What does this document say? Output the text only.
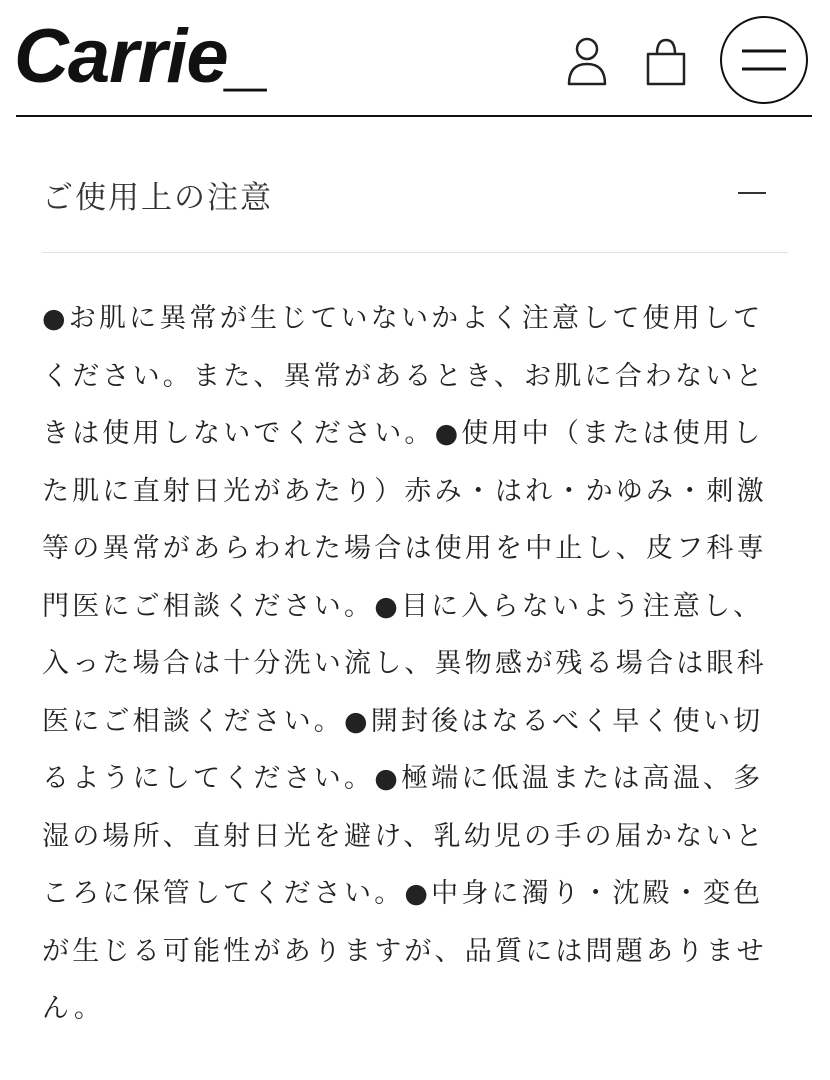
Carrie_
ご使用上の注意
●お肌に異常が生じていないかよく注意して使用してください。また、異常があるとき、お肌に合わないときは使用しないでください。●使用中（または使用した肌に直射日光があたり）赤み・はれ・かゆみ・刺激等の異常があらわれた場合は使用を中止し、皮フ科専門医にご相談ください。●目に入らないよう注意し、入った場合は十分洗い流し、異物感が残る場合は眼科医にご相談ください。●開封後はなるべく早く使い切るようにしてください。●極端に低温または高温、多湿の場所、直射日光を避け、乳幼児の手の届かないところに保管してください。●中身に濁り・沈殿・変色が生じる可能性がありますが、品質には問題ありません。
